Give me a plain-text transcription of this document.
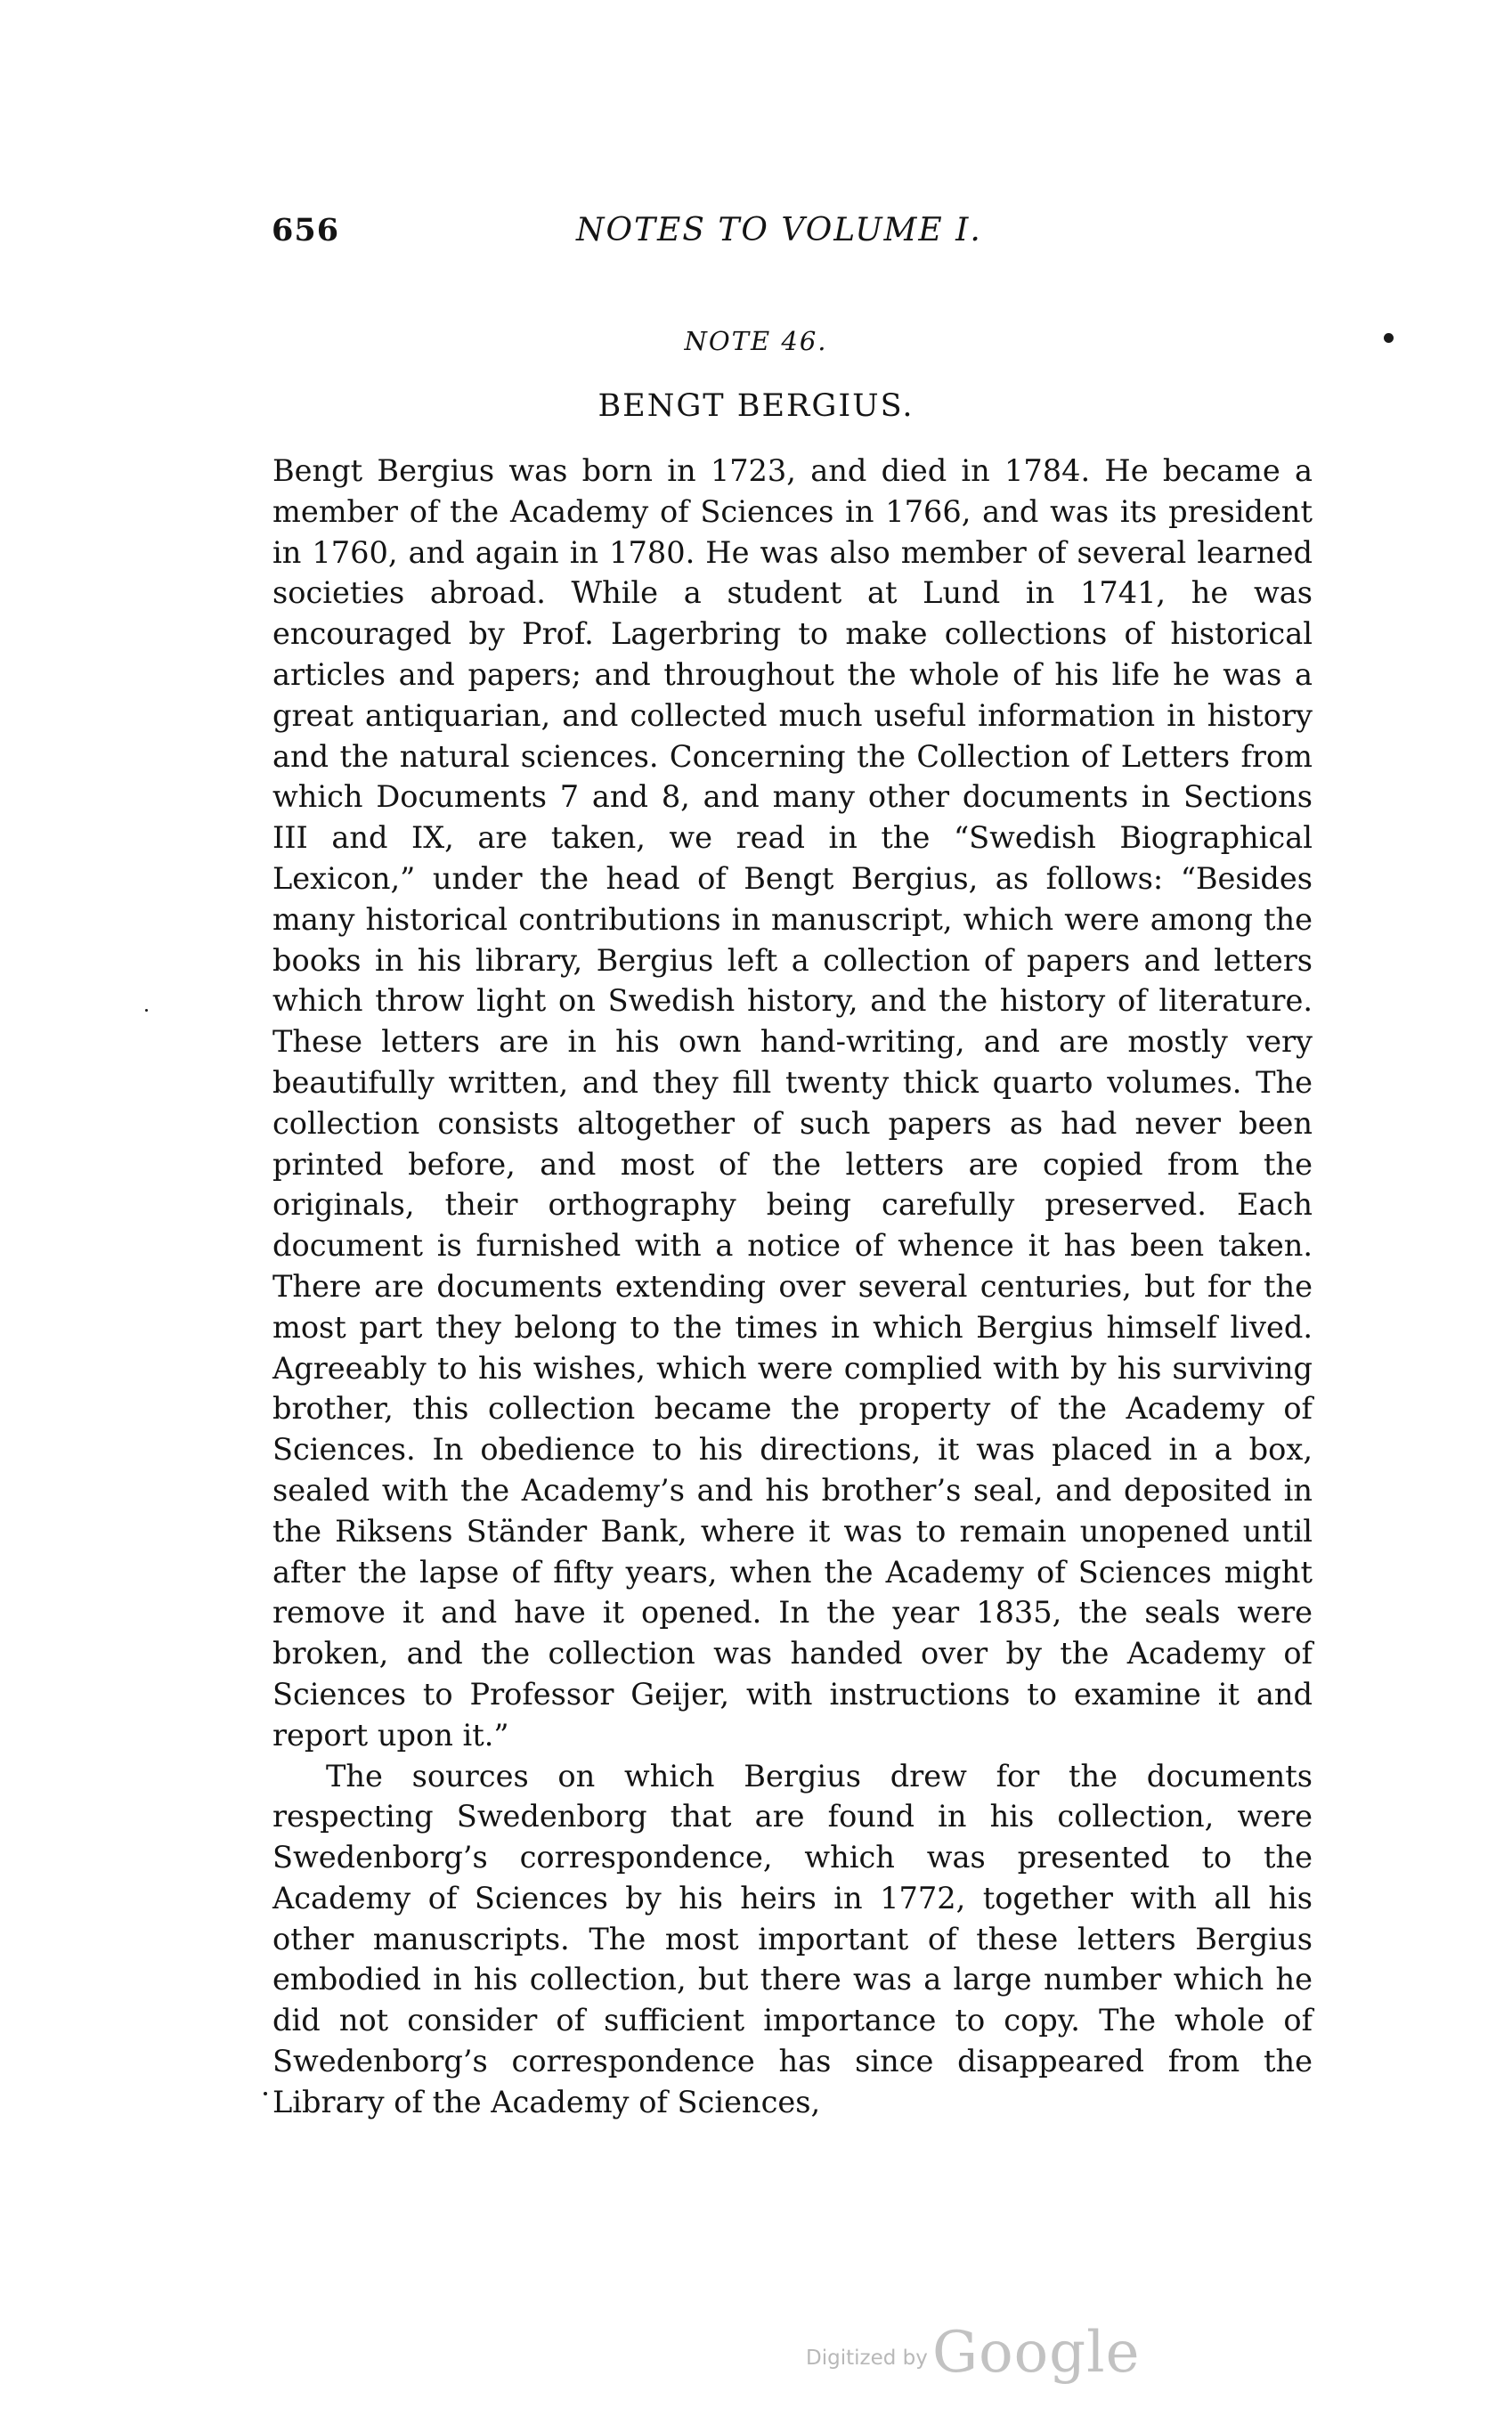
656	NOTES TO VOLUME I.
NOTE 46.
BENGT BERGIUS.

Bengt Bergius was born in 1723, and died in 1784. He became a member of the Academy of Sciences in 1766, and was its president in 1760, and again in 1780. He was also member of several learned societies abroad. While a student at Lund in 1741, he was encouraged by Prof. Lagerbring to make collections of historical articles and papers; and throughout the whole of his life he was a great antiquarian, and collected much useful information in history and the natural sciences. Concerning the Collection of Letters from which Documents 7 and 8, and many other documents in Sections III and IX, are taken, we read in the “Swedish Biographical Lexicon,” under the head of Bengt Bergius, as follows: “Besides many historical contributions in manuscript, which were among the books in his library, Bergius left a collection of papers and letters which throw light on Swedish history, and the history of literature. These letters are in his own hand-writing, and are mostly very beautifully written, and they fill twenty thick quarto volumes. The collection consists altogether of such papers as had never been printed before, and most of the letters are copied from the originals, their orthography being carefully preserved. Each document is furnished with a notice of whence it has been taken. There are documents extending over several centuries, but for the most part they belong to the times in which Bergius himself lived. Agreeably to his wishes, which were complied with by his surviving brother, this collection became the property of the Academy of Sciences. In obedience to his directions, it was placed in a box, sealed with the Academy’s and his brother’s seal, and deposited in the Riksens Ständer Bank, where it was to remain unopened until after the lapse of fifty years, when the Academy of Sciences might remove it and have it opened. In the year 1835, the seals were broken, and the collection was handed over by the Academy of Sciences to Professor Geijer, with instructions to examine it and report upon it.”

The sources on which Bergius drew for the documents respecting Swedenborg that are found in his collection, were Swedenborg’s correspondence, which was presented to the Academy of Sciences by his heirs in 1772, together with all his other manuscripts. The most important of these letters Bergius embodied in his collection, but there was a large number which he did not consider of sufficient importance to copy. The whole of Swedenborg’s correspondence has since disappeared from the Library of the Academy of Sciences,

Digitized by Google
